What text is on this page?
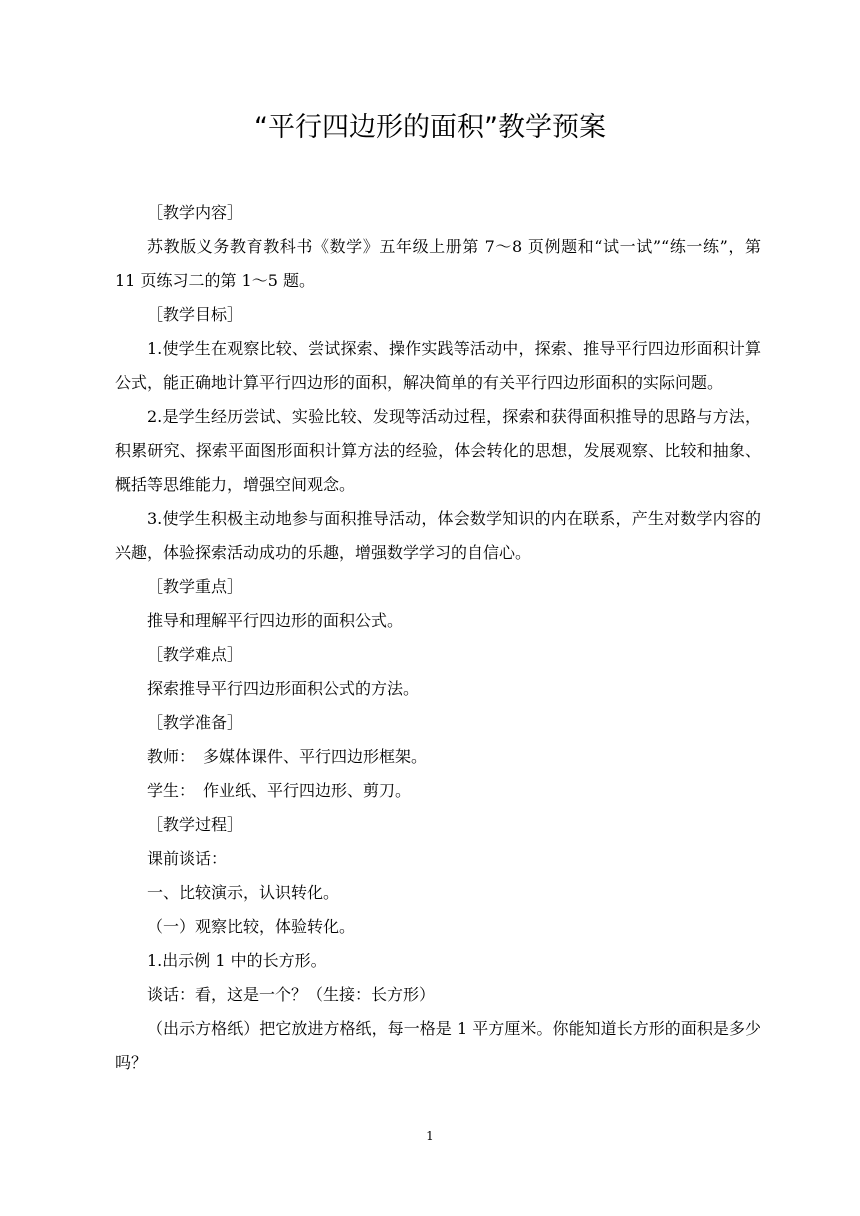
“平行四边形的面积”教学预案

［教学内容］

苏教版义务教育教科书《数学》五年级上册第 7～8 页例题和“试一试”“练一练”，第 11 页练习二的第 1～5 题。

［教学目标］

1.使学生在观察比较、尝试探索、操作实践等活动中，探索、推导平行四边形面积计算公式，能正确地计算平行四边形的面积，解决简单的有关平行四边形面积的实际问题。

2.是学生经历尝试、实验比较、发现等活动过程，探索和获得面积推导的思路与方法，积累研究、探索平面图形面积计算方法的经验，体会转化的思想，发展观察、比较和抽象、概括等思维能力，增强空间观念。

3.使学生积极主动地参与面积推导活动，体会数学知识的内在联系，产生对数学内容的兴趣，体验探索活动成功的乐趣，增强数学学习的自信心。

［教学重点］

推导和理解平行四边形的面积公式。

［教学难点］

探索推导平行四边形面积公式的方法。

［教学准备］

教师：　多媒体课件、平行四边形框架。

学生：　作业纸、平行四边形、剪刀。

［教学过程］

课前谈话：

一、比较演示，认识转化。

（一）观察比较，体验转化。

1.出示例 1 中的长方形。

谈话：看，这是一个？（生接：长方形）

（出示方格纸）把它放进方格纸，每一格是 1 平方厘米。你能知道长方形的面积是多少吗？

1
